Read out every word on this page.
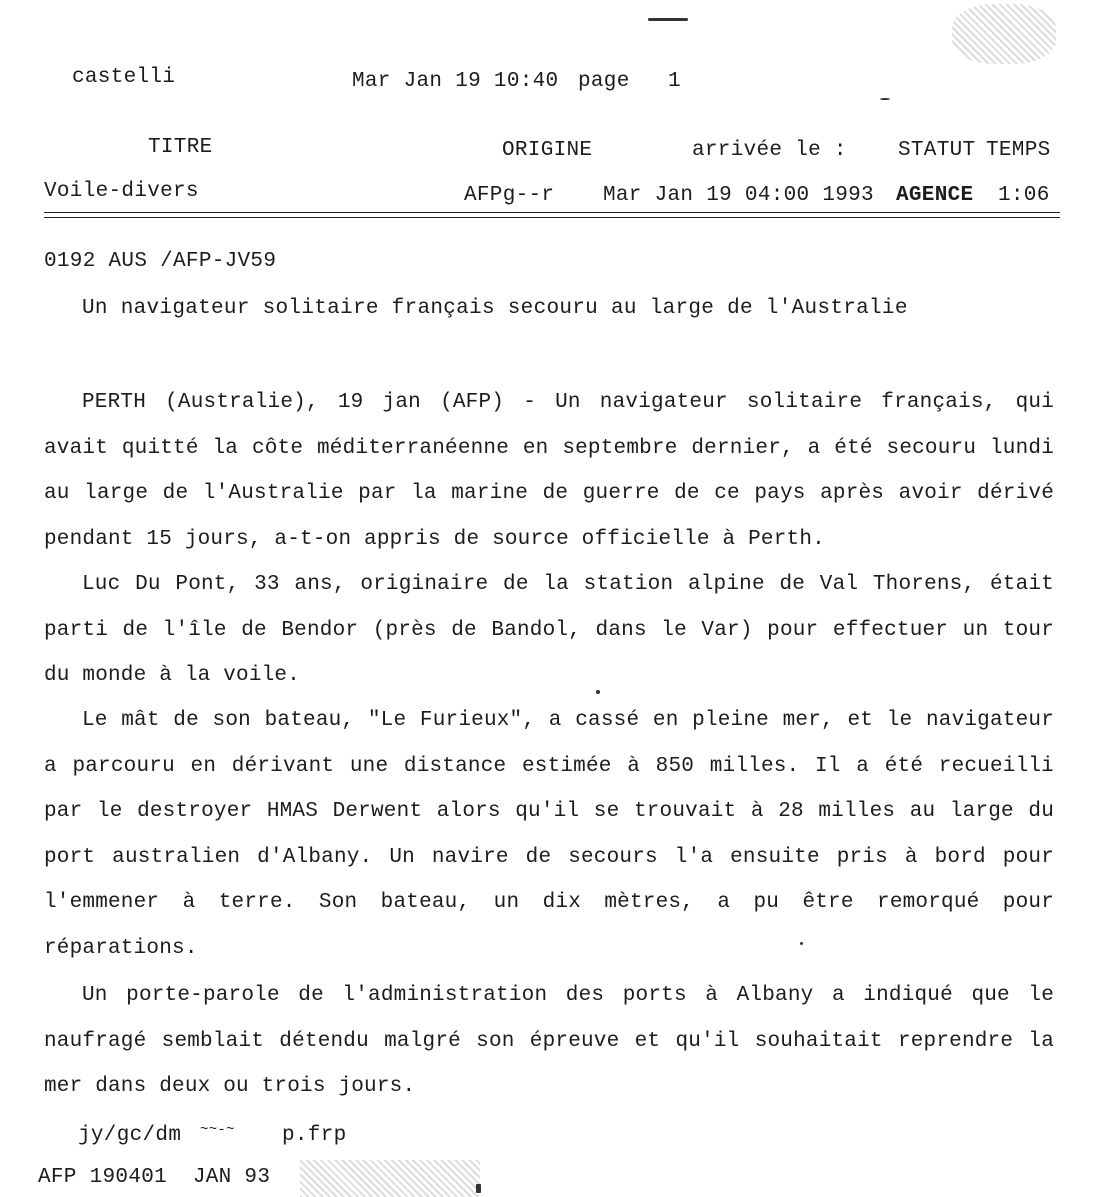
castelli	Mar Jan 19 10:40 page 1
TITRE	ORIGINE	arrivée le : STATUT TEMPS
Voile-divers	AFPg--r Mar Jan 19 04:00 1993 AGENCE 1:06
0192 AUS /AFP-JV59
Un navigateur solitaire français secouru au large de l'Australie
PERTH (Australie), 19 jan (AFP) - Un navigateur solitaire français, qui avait quitté la côte méditerranéenne en septembre dernier, a été secouru lundi au large de l'Australie par la marine de guerre de ce pays après avoir dérivé pendant 15 jours, a-t-on appris de source officielle à Perth.
Luc Du Pont, 33 ans, originaire de la station alpine de Val Thorens, était parti de l'île de Bendor (près de Bandol, dans le Var) pour effectuer un tour du monde à la voile.
Le mât de son bateau, "Le Furieux", a cassé en pleine mer, et le navigateur a parcouru en dérivant une distance estimée à 850 milles. Il a été recueilli par le destroyer HMAS Derwent alors qu'il se trouvait à 28 milles au large du port australien d'Albany. Un navire de secours l'a ensuite pris à bord pour l'emmener à terre. Son bateau, un dix mètres, a pu être remorqué pour réparations.
Un porte-parole de l'administration des ports à Albany a indiqué que le naufragé semblait détendu malgré son épreuve et qu'il souhaitait reprendre la mer dans deux ou trois jours.
jy/gc/dm ~~-~ p.frp
AFP 190401  JAN 93
